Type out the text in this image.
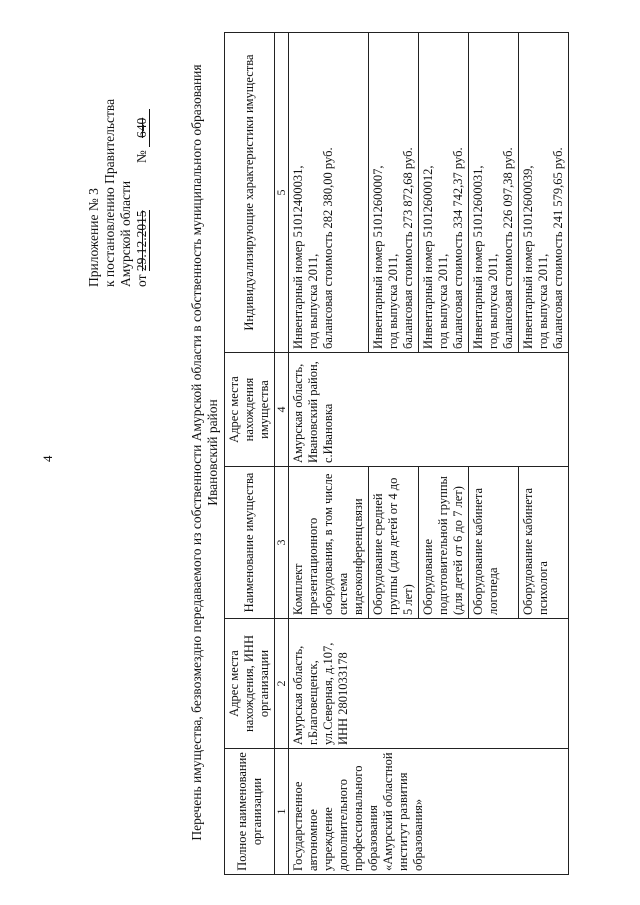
4
Приложение № 3 к постановлению Правительства Амурской области от 29.12.2015              № 640	Перечень имущества, безвозмездно передаваемого из собственности Амурской области в собственность муниципального образования Ивановский район
Полное наименование организации	Адрес места нахождения, ИНН организации	Наименование имущества	Адрес места нахождения имущества	Индивидуализирующие характеристики имущества
1	2	3	4	5
Государственное автономное учреждение дополнительного профессионального образования «Амурский областной институт развития образования»	Амурская область, г.Благовещенск, ул.Северная, д.107, ИНН 2801033178	Комплект презентационного оборудования, в том числе система видеоконференцсвязи	Амурская область, Ивановский район, с.Ивановка	Инвентарный номер 51012400031,
год выпуска 2011,
балансовая стоимость 282 380,00 руб.
		Оборудование средней группы (для детей от 4 до 5 лет)		Инвентарный номер 51012600007,
год выпуска 2011,
балансовая стоимость 273 872,68 руб.
		Оборудование подготовительной группы (для детей от 6 до 7 лет)		Инвентарный номер 51012600012,
год выпуска 2011,
балансовая стоимость 334 742,37 руб.
		Оборудование кабинета логопеда		Инвентарный номер 51012600031,
год выпуска 2011,
балансовая стоимость 226 097,38 руб.
		Оборудование кабинета психолога		Инвентарный номер 51012600039,
год выпуска 2011,
балансовая стоимость 241 579,65 руб.
